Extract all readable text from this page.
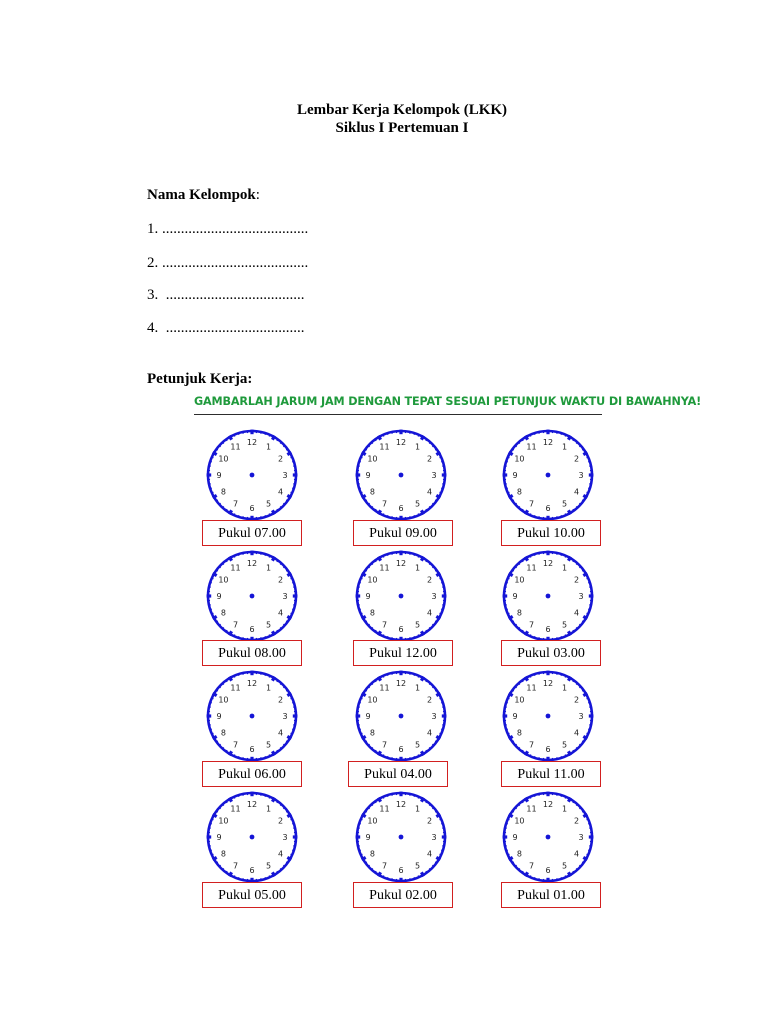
Lembar Kerja Kelompok (LKK)
Siklus I Pertemuan I
Nama Kelompok:
1. .......................................
2. .......................................
3.  .....................................
4.  .....................................
Petunjuk Kerja:
GAMBARLAH JARUM JAM DENGAN TEPAT SESUAI PETUNJUK WAKTU DI BAWAHNYA!
12 1
2
3
4
5
6
7
8
9
10
11
Pukul 07.00
12 1
2
3
4
5
6
7
8
9
10
11
Pukul 09.00
12 1
2
3
4
5
6
7
8
9
10
11
Pukul 10.00
12 1
2
3
4
5
6
7
8
9
10
11
Pukul 08.00
12 1
2
3
4
5
6
7
8
9
10
11
Pukul 12.00
12 1
2
3
4
5
6
7
8
9
10
11
Pukul 03.00
12 1
2
3
4
5
6
7
8
9
10
11
Pukul 06.00
12 1
2
3
4
5
6
7
8
9
10
11
Pukul 04.00
12 1
2
3
4
5
6
7
8
9
10
11
Pukul 11.00
12 1
2
3
4
5
6
7
8
9
10
11
Pukul 05.00
12 1
2
3
4
5
6
7
8
9
10
11
Pukul 02.00
12 1
2
3
4
5
6
7
8
9
10
11
Pukul 01.00
